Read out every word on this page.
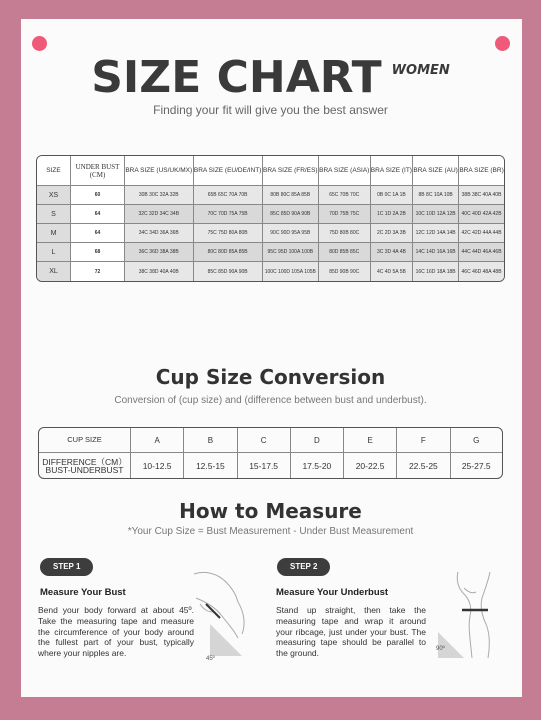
SIZE CHART $^{WOMEN}$
Finding your fit will give you the best answer
SIZE	UNDER BUST (CM)	BRA SIZE (US/UK/MX)	BRA SIZE (EU/DE/INT)	BRA SIZE (FR/ES)	BRA SIZE (ASIA)	BRA SIZE (IT)	BRA SIZE (AU)	BRA SIZE (BR)
XS	60	30B 30C 32A 32B	65B 65C 70A 70B	80B 80C 85A 85B	65C 70B 70C	0B 0C 1A 1B	8B 8C 10A 10B	38B 38C 40A 40B
S	64	32C 32D 34C 34B	70C 70D 75A 75B	85C 85D 90A 90B	70D 75B 75C	1C 1D 2A 2B	10C 10D 12A 12B	40C 40D 42A 42B
M	64	34C 34D 36A 36B	75C 75D 80A 80B	90C 90D 95A 95B	75D 80B 80C	2C 2D 3A 3B	12C 12D 14A 14B	42C 42D 44A 44B
L	68	36C 36D 38A 38B	80C 80D 85A 85B	95C 95D 100A 100B	80D 85B 85C	3C 3D 4A 4B	14C 14D 16A 16B	44C 44D 46A 46B
XL	72	38C 38D 40A 40B	85C 85D 90A 90B	100C 100D 105A 105B	85D 90B 90C	4C 4D 5A 5B	16C 16D 18A 18B	46C 46D 48A 48B
Cup Size Conversion
Conversion of (cup size) and (difference between bust and underbust).
CUP SIZE	A	B	C	D	E	F	G
DIFFERENCE（CM）
BUST-UNDERBUST	10-12.5	12.5-15	15-17.5	17.5-20	20-22.5	22.5-25	25-27.5
How to Measure
*Your Cup Size = Bust Measurement - Under Bust Measurement
STEP 1
Measure Your Bust
Bend your body forward at about 45º. Take the measuring tape and measure the circumference of your body around the fullest part of your bust, typically where your nipples are.
STEP 2
Measure Your Underbust
Stand up straight, then take the measuring tape and wrap it around your ribcage, just under your bust. The measuring tape should be parallel to the ground.
45º
90º
